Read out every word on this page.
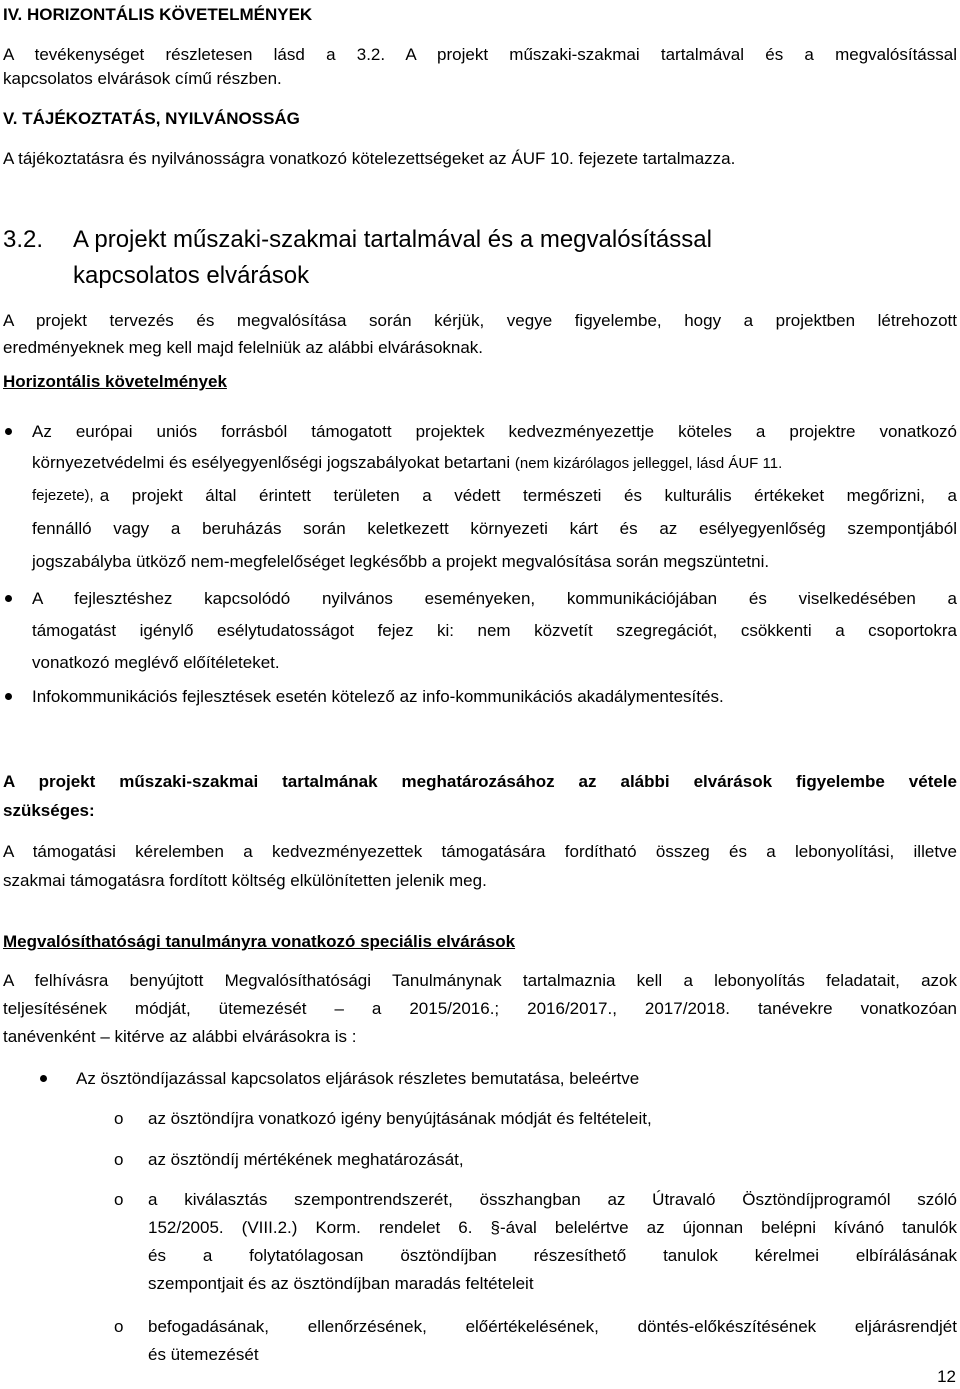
IV. HORIZONTÁLIS KÖVETELMÉNYEK
A tevékenységet részletesen lásd a 3.2. A projekt műszaki-szakmai tartalmával és a megvalósítással
kapcsolatos elvárások című részben.
V. TÁJÉKOZTATÁS, NYILVÁNOSSÁG
A tájékoztatásra és nyilvánosságra vonatkozó kötelezettségeket az ÁUF 10. fejezete tartalmazza.
3.2. A projekt műszaki-szakmai tartalmával és a megvalósítással
kapcsolatos elvárások
A projekt tervezés és megvalósítása során kérjük, vegye figyelembe, hogy a projektben létrehozott
eredményeknek meg kell majd felelniük az alábbi elvárásoknak.
Horizontális követelmények
Az európai uniós forrásból támogatott projektek kedvezményezettje köteles a projektre vonatkozó
környezetvédelmi és esélyegyenlőségi jogszabályokat betartani (nem kizárólagos jelleggel, lásd ÁUF 11.
fejezete), a projekt által érintett területen a védett természeti és kulturális értékeket megőrizni, a
fennálló vagy a beruházás során keletkezett környezeti kárt és az esélyegyenlőség szempontjából
jogszabályba ütköző nem-megfelelőséget legkésőbb a projekt megvalósítása során megszüntetni.
A fejlesztéshez kapcsolódó nyilvános eseményeken, kommunikációjában és viselkedésében a
támogatást igénylő esélytudatosságot fejez ki: nem közvetít szegregációt, csökkenti a csoportokra
vonatkozó meglévő előítéleteket.
Infokommunikációs fejlesztések esetén kötelező az info-kommunikációs akadálymentesítés.
A projekt műszaki-szakmai tartalmának meghatározásához az alábbi elvárások figyelembe vétele
szükséges:
A támogatási kérelemben a kedvezményezettek támogatására fordítható összeg és a lebonyolítási, illetve
szakmai támogatásra fordított költség elkülönítetten jelenik meg.
Megvalósíthatósági tanulmányra vonatkozó speciális elvárások
A felhívásra benyújtott Megvalósíthatósági Tanulmánynak tartalmaznia kell a lebonyolítás feladatait, azok
teljesítésének módját, ütemezését – a 2015/2016.; 2016/2017., 2017/2018. tanévekre vonatkozóan
tanévenként – kitérve az alábbi elvárásokra is :
Az ösztöndíjazással kapcsolatos eljárások részletes bemutatása, beleértve
o az ösztöndíjra vonatkozó igény benyújtásának módját és feltételeit,
o az ösztöndíj mértékének meghatározását,
o a kiválasztás szempontrendszerét, összhangban az Útravaló Ösztöndíjprogramól szóló
152/2005. (VIII.2.) Korm. rendelet 6. §-ával belelértve az újonnan belépni kívánó tanulók
és a folytatólagosan ösztöndíjban részesíthető tanulok kérelmei elbírálásának
szempontjait és az ösztöndíjban maradás feltételeit
o befogadásának, ellenőrzésének, előértékelésének, döntés-előkészítésének eljárásrendjét
és ütemezését
12
